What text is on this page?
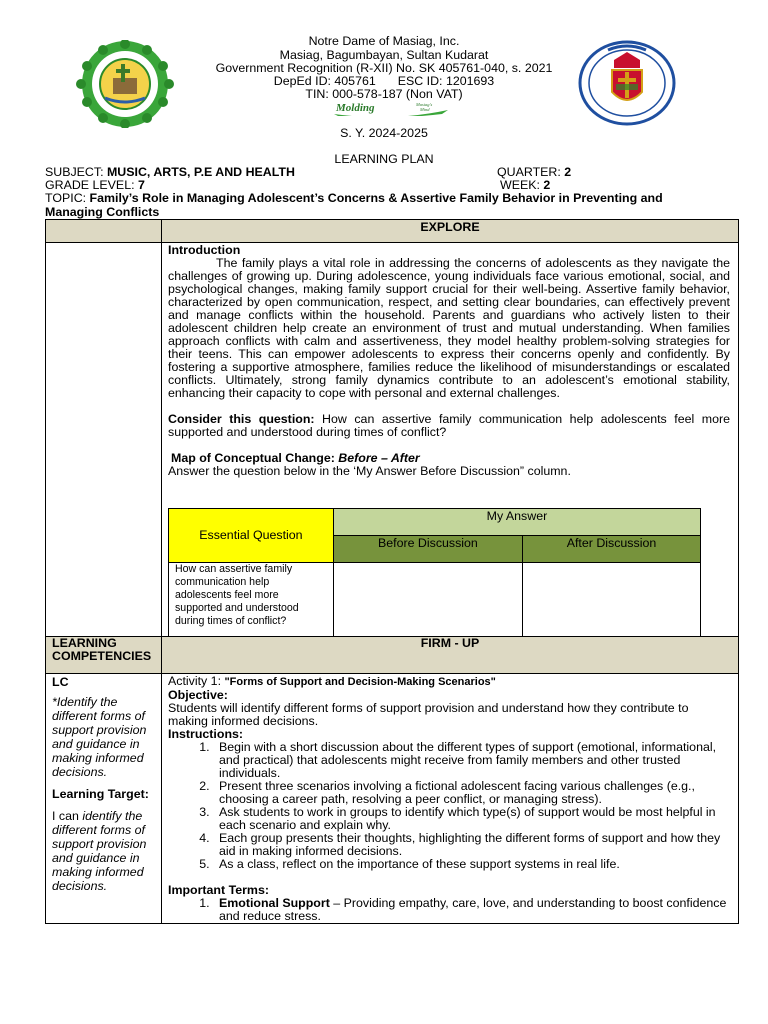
Notre Dame of Masiag, Inc.
Masiag, Bagumbayan, Sultan Kudarat
Government Recognition (R-XII) No. SK 405761-040, s. 2021
DepEd ID: 405761 ESC ID: 1201693
TIN: 000-578-187 (Non VAT)
Molding	Masiag's
Mind
S. Y. 2024-2025
LEARNING PLAN
SUBJECT: MUSIC, ARTS, P.E AND HEALTH	QUARTER: 2
GRADE LEVEL: 7	WEEK: 2
TOPIC: Family’s Role in Managing Adolescent’s Concerns & Assertive Family Behavior in Preventing and Managing Conflicts
	EXPLORE

Introduction

The family plays a vital role in addressing the concerns of adolescents as they navigate the challenges of growing up. During adolescence, young individuals face various emotional, social, and psychological changes, making family support crucial for their well-being. Assertive family behavior, characterized by open communication, respect, and setting clear boundaries, can effectively prevent and manage conflicts within the household. Parents and guardians who actively listen to their adolescent children help create an environment of trust and mutual understanding. When families approach conflicts with calm and assertiveness, they model healthy problem-solving strategies for their teens. This can empower adolescents to express their concerns openly and confidently. By fostering a supportive atmosphere, families reduce the likelihood of misunderstandings or escalated conflicts. Ultimately, strong family dynamics contribute to an adolescent’s emotional stability, enhancing their capacity to cope with personal and external challenges.

Consider this question: How can assertive family communication help adolescents feel more supported and understood during times of conflict?

Map of Conceptual Change: Before – After

Answer the question below in the ‘My Answer Before Discussion” column.

Essential Question	My Answer
Before Discussion	After Discussion
How can assertive family communication help adolescents feel more supported and understood during times of conflict?		

LEARNING COMPETENCIES	FIRM - UP

LC

*Identify the different forms of support provision and guidance in making informed decisions.

Learning Target:

I can identify the different forms of support provision and guidance in making informed decisions.

Activity 1: "Forms of Support and Decision-Making Scenarios"
Objective:
Students will identify different forms of support provision and understand how they contribute to making informed decisions.
Instructions:
1. Begin with a short discussion about the different types of support (emotional, informational, and practical) that adolescents might receive from family members and other trusted individuals.
2. Present three scenarios involving a fictional adolescent facing various challenges (e.g., choosing a career path, resolving a peer conflict, or managing stress).
3. Ask students to work in groups to identify which type(s) of support would be most helpful in each scenario and explain why.
4. Each group presents their thoughts, highlighting the different forms of support and how they aid in making informed decisions.
5. As a class, reflect on the importance of these support systems in real life.
Important Terms:
1. Emotional Support – Providing empathy, care, love, and understanding to boost confidence and reduce stress.
